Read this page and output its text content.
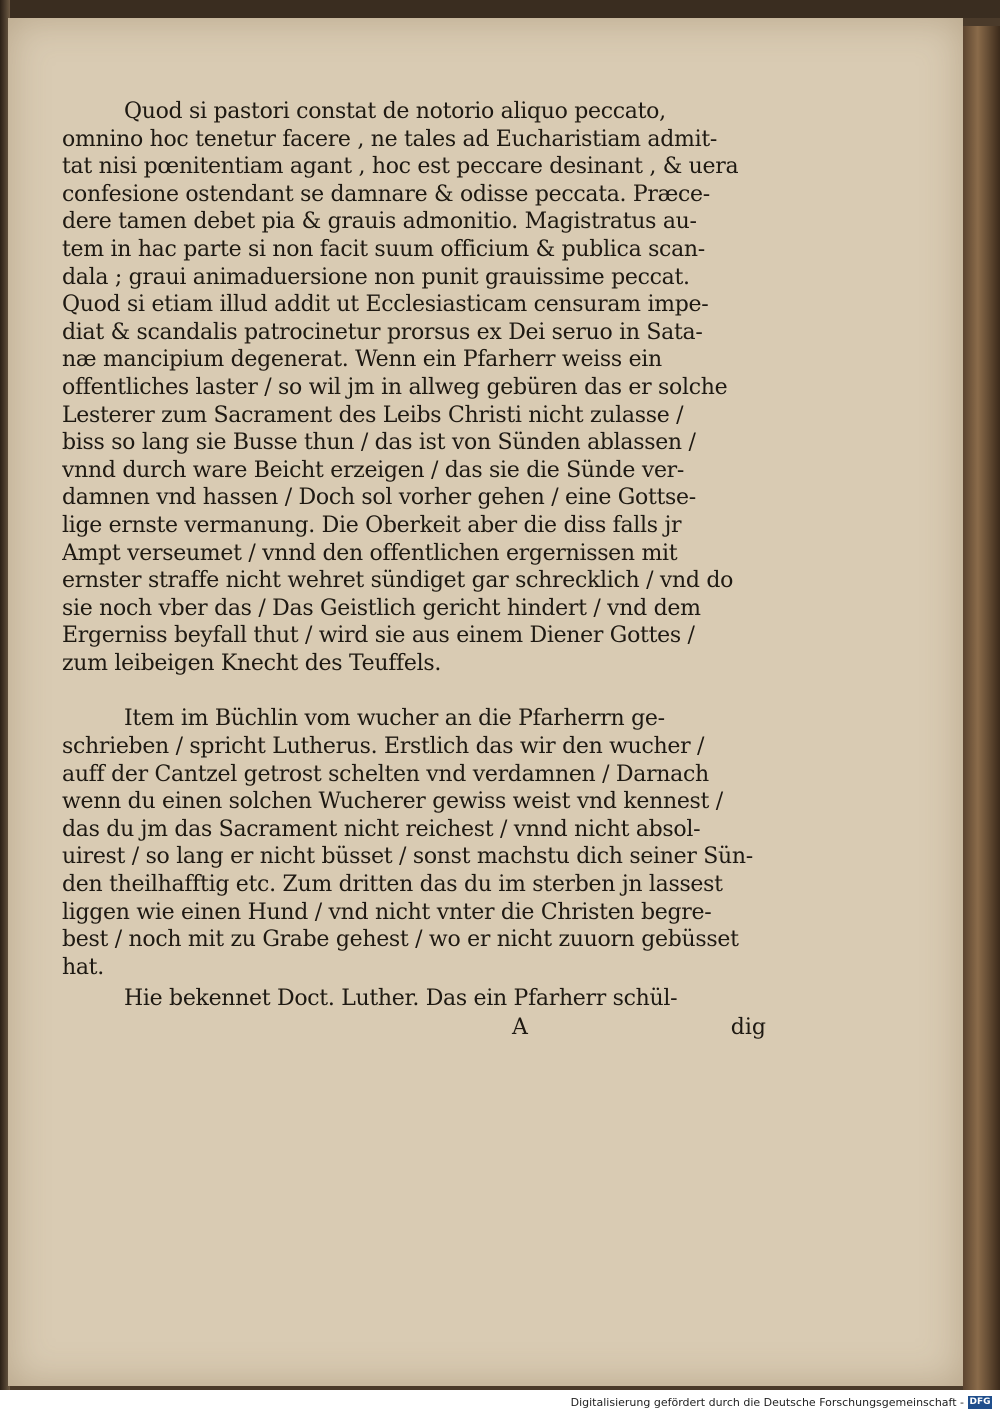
Quod si pastori constat de notorio aliquo peccato,
omnino hoc tenetur facere , ne tales ad Eucharistiam admit‐
tat nisi pœnitentiam agant , hoc est peccare desinant , & uera
confesione ostendant se damnare & odisse peccata. Præce‐
dere tamen debet pia & grauis admonitio. Magistratus au‐
tem in hac parte si non facit suum officium & publica scan‐
dala ; graui animaduersione non punit grauissime peccat.
Quod si etiam illud addit ut Ecclesiasticam censuram impe‐
diat & scandalis patrocinetur prorsus ex Dei seruo in Sata‐
næ mancipium degenerat. Wenn ein Pfarherr weiss ein
offentliches laster / so wil jm in allweg gebüren das er solche
Lesterer zum Sacrament des Leibs Christi nicht zulasse /
biss so lang sie Busse thun / das ist von Sünden ablassen /
vnnd durch ware Beicht erzeigen / das sie die Sünde ver‐
damnen vnd hassen / Doch sol vorher gehen / eine Gottse‐
lige ernste vermanung. Die Oberkeit aber die diss falls jr
Ampt verseumet / vnnd den offentlichen ergernissen mit
ernster straffe nicht wehret sündiget gar schrecklich / vnd do
sie noch vber das / Das Geistlich gericht hindert / vnd dem
Ergerniss beyfall thut / wird sie aus einem Diener Gottes /
zum leibeigen Knecht des Teuffels.
Item im Büchlin vom wucher an die Pfarherrn ge‐
schrieben / spricht Lutherus. Erstlich das wir den wucher /
auff der Cantzel getrost schelten vnd verdamnen / Darnach
wenn du einen solchen Wucherer gewiss weist vnd kennest /
das du jm das Sacrament nicht reichest / vnnd nicht absol‐
uirest / so lang er nicht büsset / sonst machstu dich seiner Sün‐
den theilhafftig etc. Zum dritten das du im sterben jn lassest
liggen wie einen Hund / vnd nicht vnter die Christen begre‐
best / noch mit zu Grabe gehest / wo er nicht zuuorn gebüsset
hat.
Hie bekennet Doct. Luther. Das ein Pfarherr schül‐
A	dig
Digitalisierung gefördert durch die Deutsche Forschungsgemeinschaft - DFG
